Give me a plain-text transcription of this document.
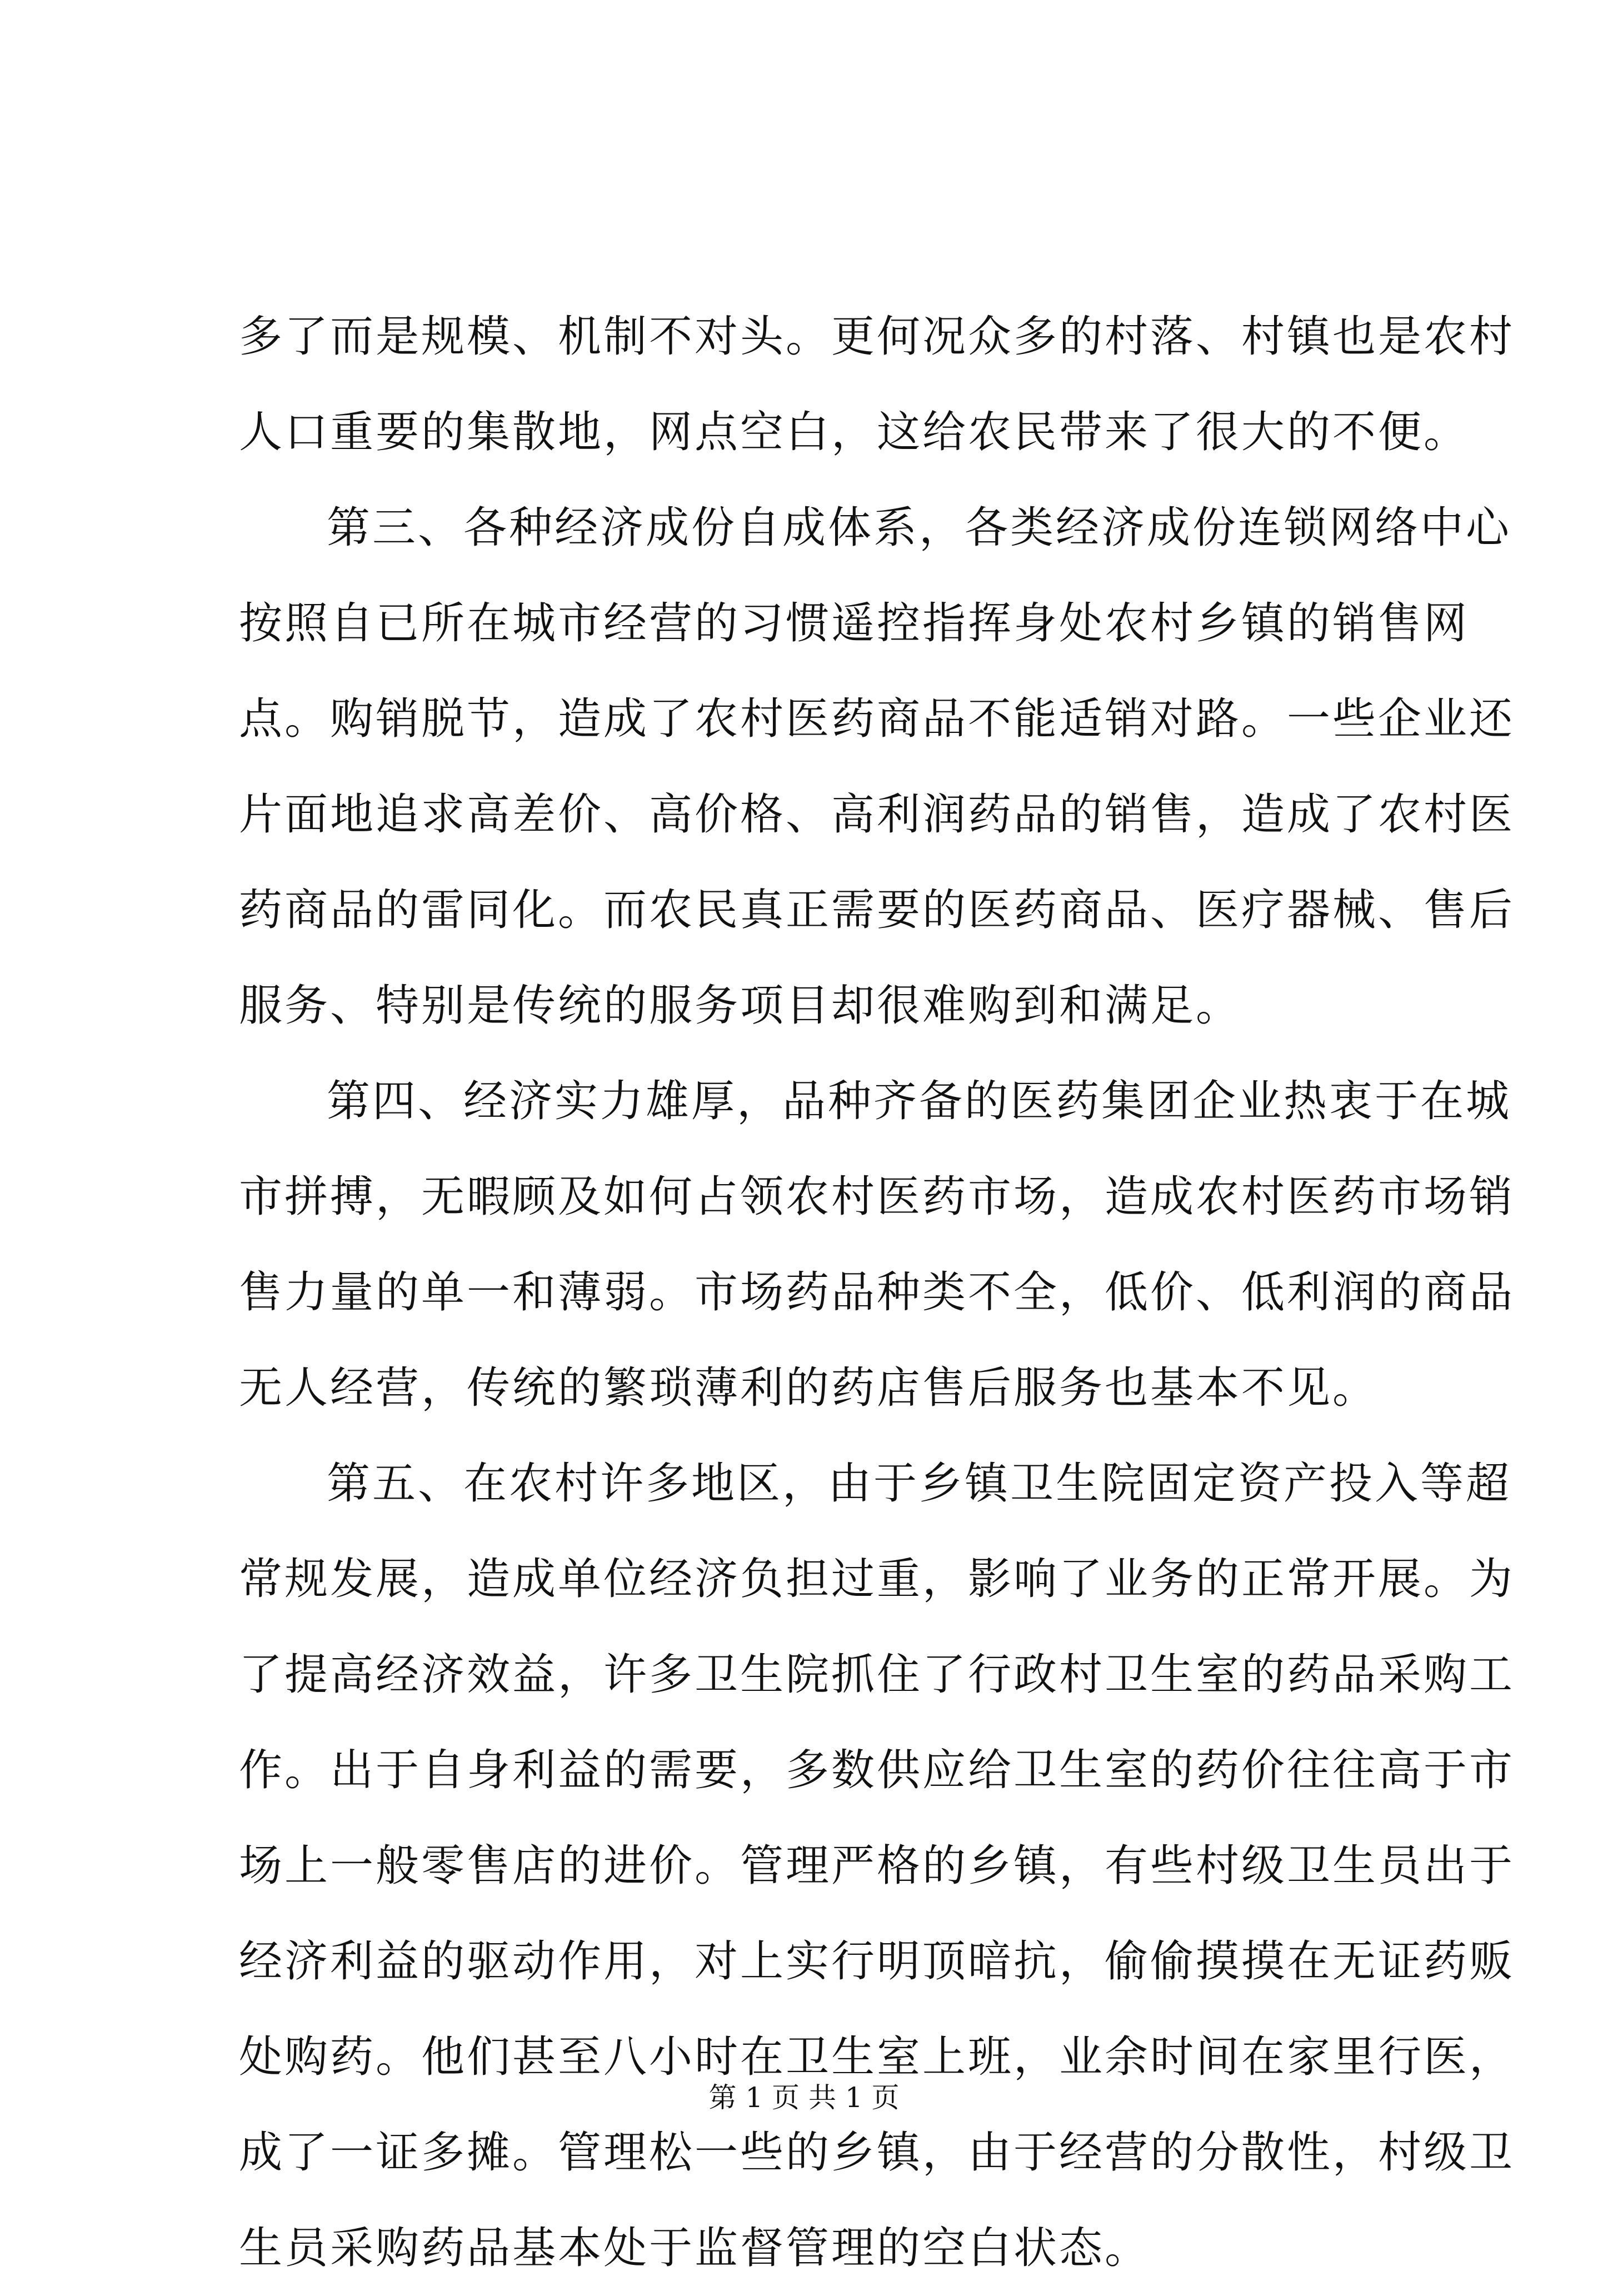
多了而是规模、机制不对头。更何况众多的村落、村镇也是农村
人口重要的集散地，网点空白，这给农民带来了很大的不便。
第三、各种经济成份自成体系，各类经济成份连锁网络中心
按照自已所在城市经营的习惯遥控指挥身处农村乡镇的销售网
点。购销脱节，造成了农村医药商品不能适销对路。一些企业还
片面地追求高差价、高价格、高利润药品的销售，造成了农村医
药商品的雷同化。而农民真正需要的医药商品、医疗器械、售后
服务、特别是传统的服务项目却很难购到和满足。
第四、经济实力雄厚，品种齐备的医药集团企业热衷于在城
市拼搏，无暇顾及如何占领农村医药市场，造成农村医药市场销
售力量的单一和薄弱。市场药品种类不全，低价、低利润的商品
无人经营，传统的繁琐薄利的药店售后服务也基本不见。
第五、在农村许多地区，由于乡镇卫生院固定资产投入等超
常规发展，造成单位经济负担过重，影响了业务的正常开展。为
了提高经济效益，许多卫生院抓住了行政村卫生室的药品采购工
作。出于自身利益的需要，多数供应给卫生室的药价往往高于市
场上一般零售店的进价。管理严格的乡镇，有些村级卫生员出于
经济利益的驱动作用，对上实行明顶暗抗，偷偷摸摸在无证药贩
处购药。他们甚至八小时在卫生室上班，业余时间在家里行医，
成了一证多摊。管理松一些的乡镇，由于经营的分散性，村级卫
生员采购药品基本处于监督管理的空白状态。
第 1 页 共 1 页
